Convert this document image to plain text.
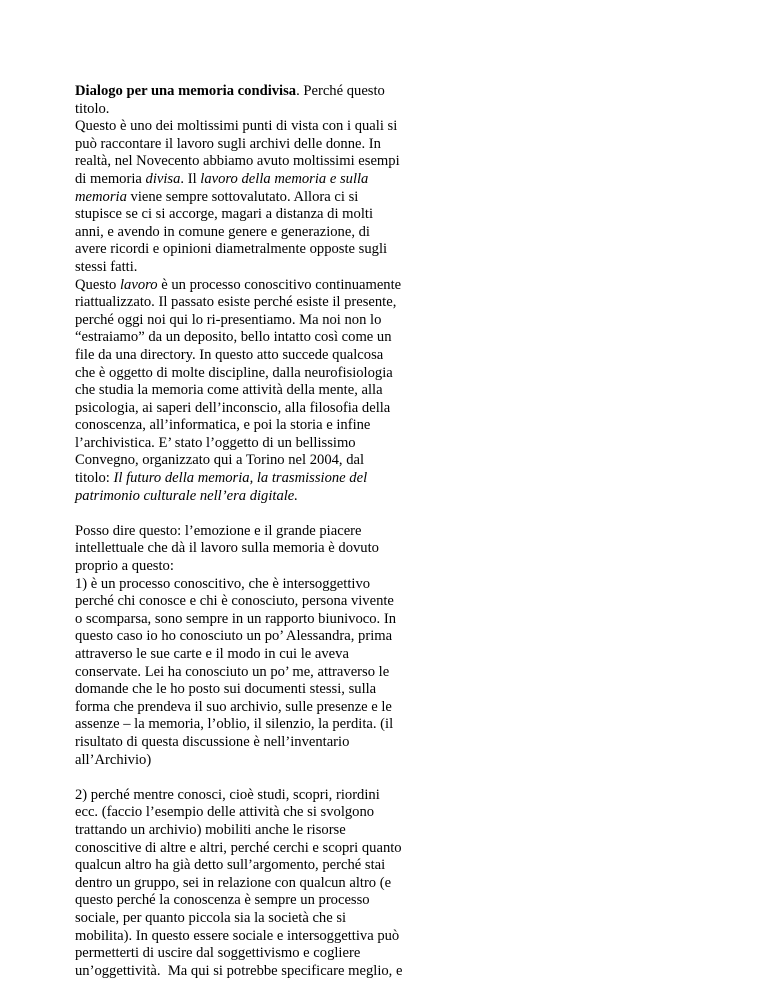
Dialogo per una memoria condivisa. Perché questo
titolo.
Questo è uno dei moltissimi punti di vista con i quali si
può raccontare il lavoro sugli archivi delle donne. In
realtà, nel Novecento abbiamo avuto moltissimi esempi
di memoria divisa. Il lavoro della memoria e sulla
memoria viene sempre sottovalutato. Allora ci si
stupisce se ci si accorge, magari a distanza di molti
anni, e avendo in comune genere e generazione, di
avere ricordi e opinioni diametralmente opposte sugli
stessi fatti.
Questo lavoro è un processo conoscitivo continuamente
riattualizzato. Il passato esiste perché esiste il presente,
perché oggi noi qui lo ri-presentiamo. Ma noi non lo
“estraiamo” da un deposito, bello intatto così come un
file da una directory. In questo atto succede qualcosa
che è oggetto di molte discipline, dalla neurofisiologia
che studia la memoria come attività della mente, alla
psicologia, ai saperi dell’inconscio, alla filosofia della
conoscenza, all’informatica, e poi la storia e infine
l’archivistica. E’ stato l’oggetto di un bellissimo
Convegno, organizzato qui a Torino nel 2004, dal
titolo: Il futuro della memoria, la trasmissione del
patrimonio culturale nell’era digitale.
Posso dire questo: l’emozione e il grande piacere
intellettuale che dà il lavoro sulla memoria è dovuto
proprio a questo:
1) è un processo conoscitivo, che è intersoggettivo
perché chi conosce e chi è conosciuto, persona vivente
o scomparsa, sono sempre in un rapporto biunivoco. In
questo caso io ho conosciuto un po’ Alessandra, prima
attraverso le sue carte e il modo in cui le aveva
conservate. Lei ha conosciuto un po’ me, attraverso le
domande che le ho posto sui documenti stessi, sulla
forma che prendeva il suo archivio, sulle presenze e le
assenze – la memoria, l’oblio, il silenzio, la perdita. (il
risultato di questa discussione è nell’inventario
all’Archivio)
2) perché mentre conosci, cioè studi, scopri, riordini
ecc. (faccio l’esempio delle attività che si svolgono
trattando un archivio) mobiliti anche le risorse
conoscitive di altre e altri, perché cerchi e scopri quanto
qualcun altro ha già detto sull’argomento, perché stai
dentro un gruppo, sei in relazione con qualcun altro (e
questo perché la conoscenza è sempre un processo
sociale, per quanto piccola sia la società che si
mobilita). In questo essere sociale e intersoggettiva può
permetterti di uscire dal soggettivismo e cogliere
un’oggettività.  Ma qui si potrebbe specificare meglio, e
